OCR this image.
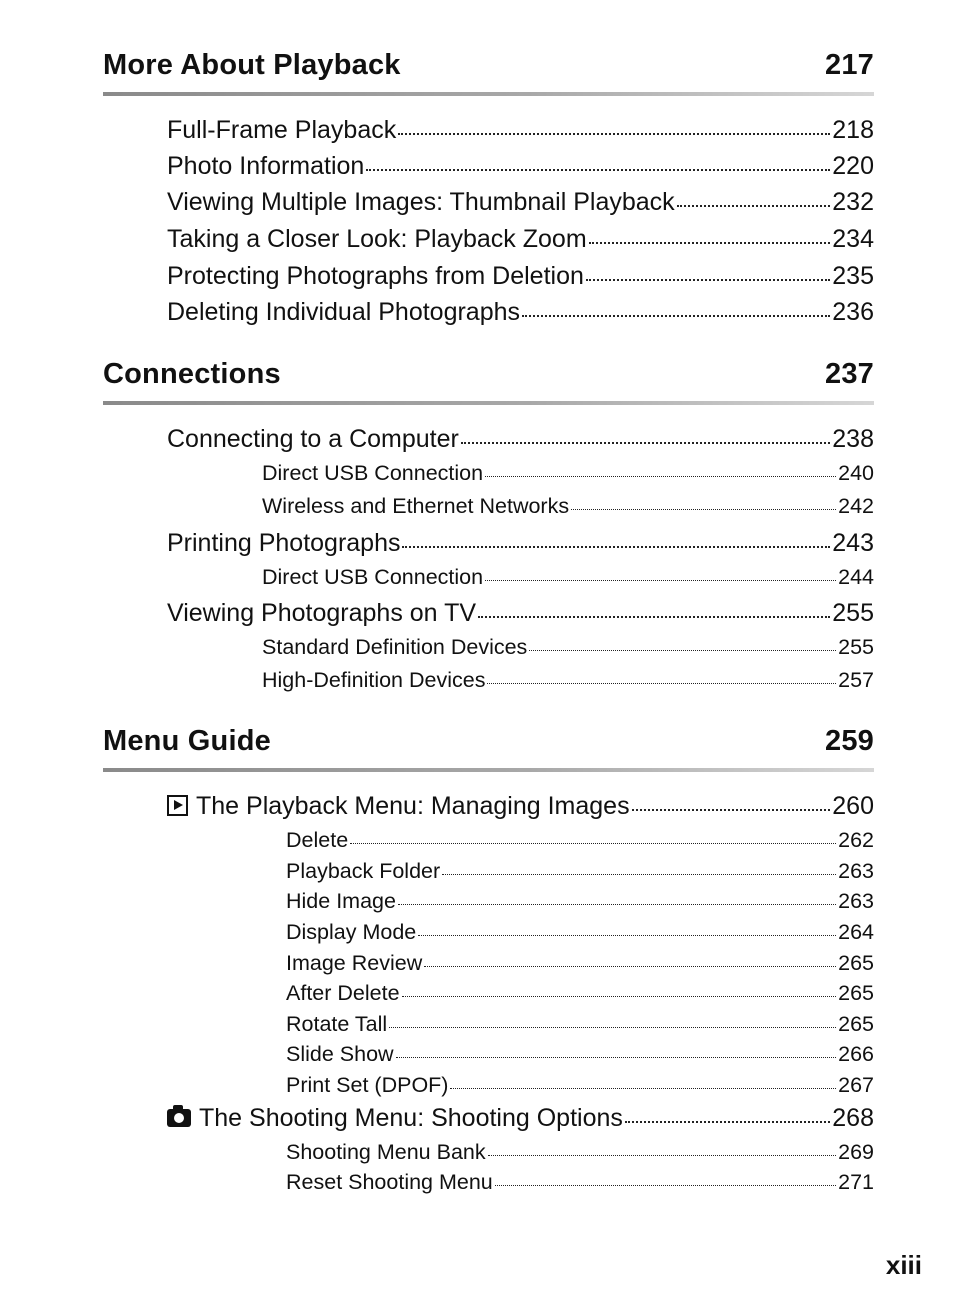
More About Playback	217
Full-Frame Playback	218
Photo Information	220
Viewing Multiple Images: Thumbnail Playback	232
Taking a Closer Look: Playback Zoom	234
Protecting Photographs from Deletion	235
Deleting Individual Photographs	236
Connections	237
Connecting to a Computer	238
Direct USB Connection	240
Wireless and Ethernet Networks	242
Printing Photographs	243
Direct USB Connection	244
Viewing Photographs on TV	255
Standard Definition Devices	255
High-Definition Devices	257
Menu Guide	259
The Playback Menu: Managing Images	260
Delete	262
Playback Folder	263
Hide Image	263
Display Mode	264
Image Review	265
After Delete	265
Rotate Tall	265
Slide Show	266
Print Set (DPOF)	267
The Shooting Menu: Shooting Options	268
Shooting Menu Bank	269
Reset Shooting Menu	271
xiii
